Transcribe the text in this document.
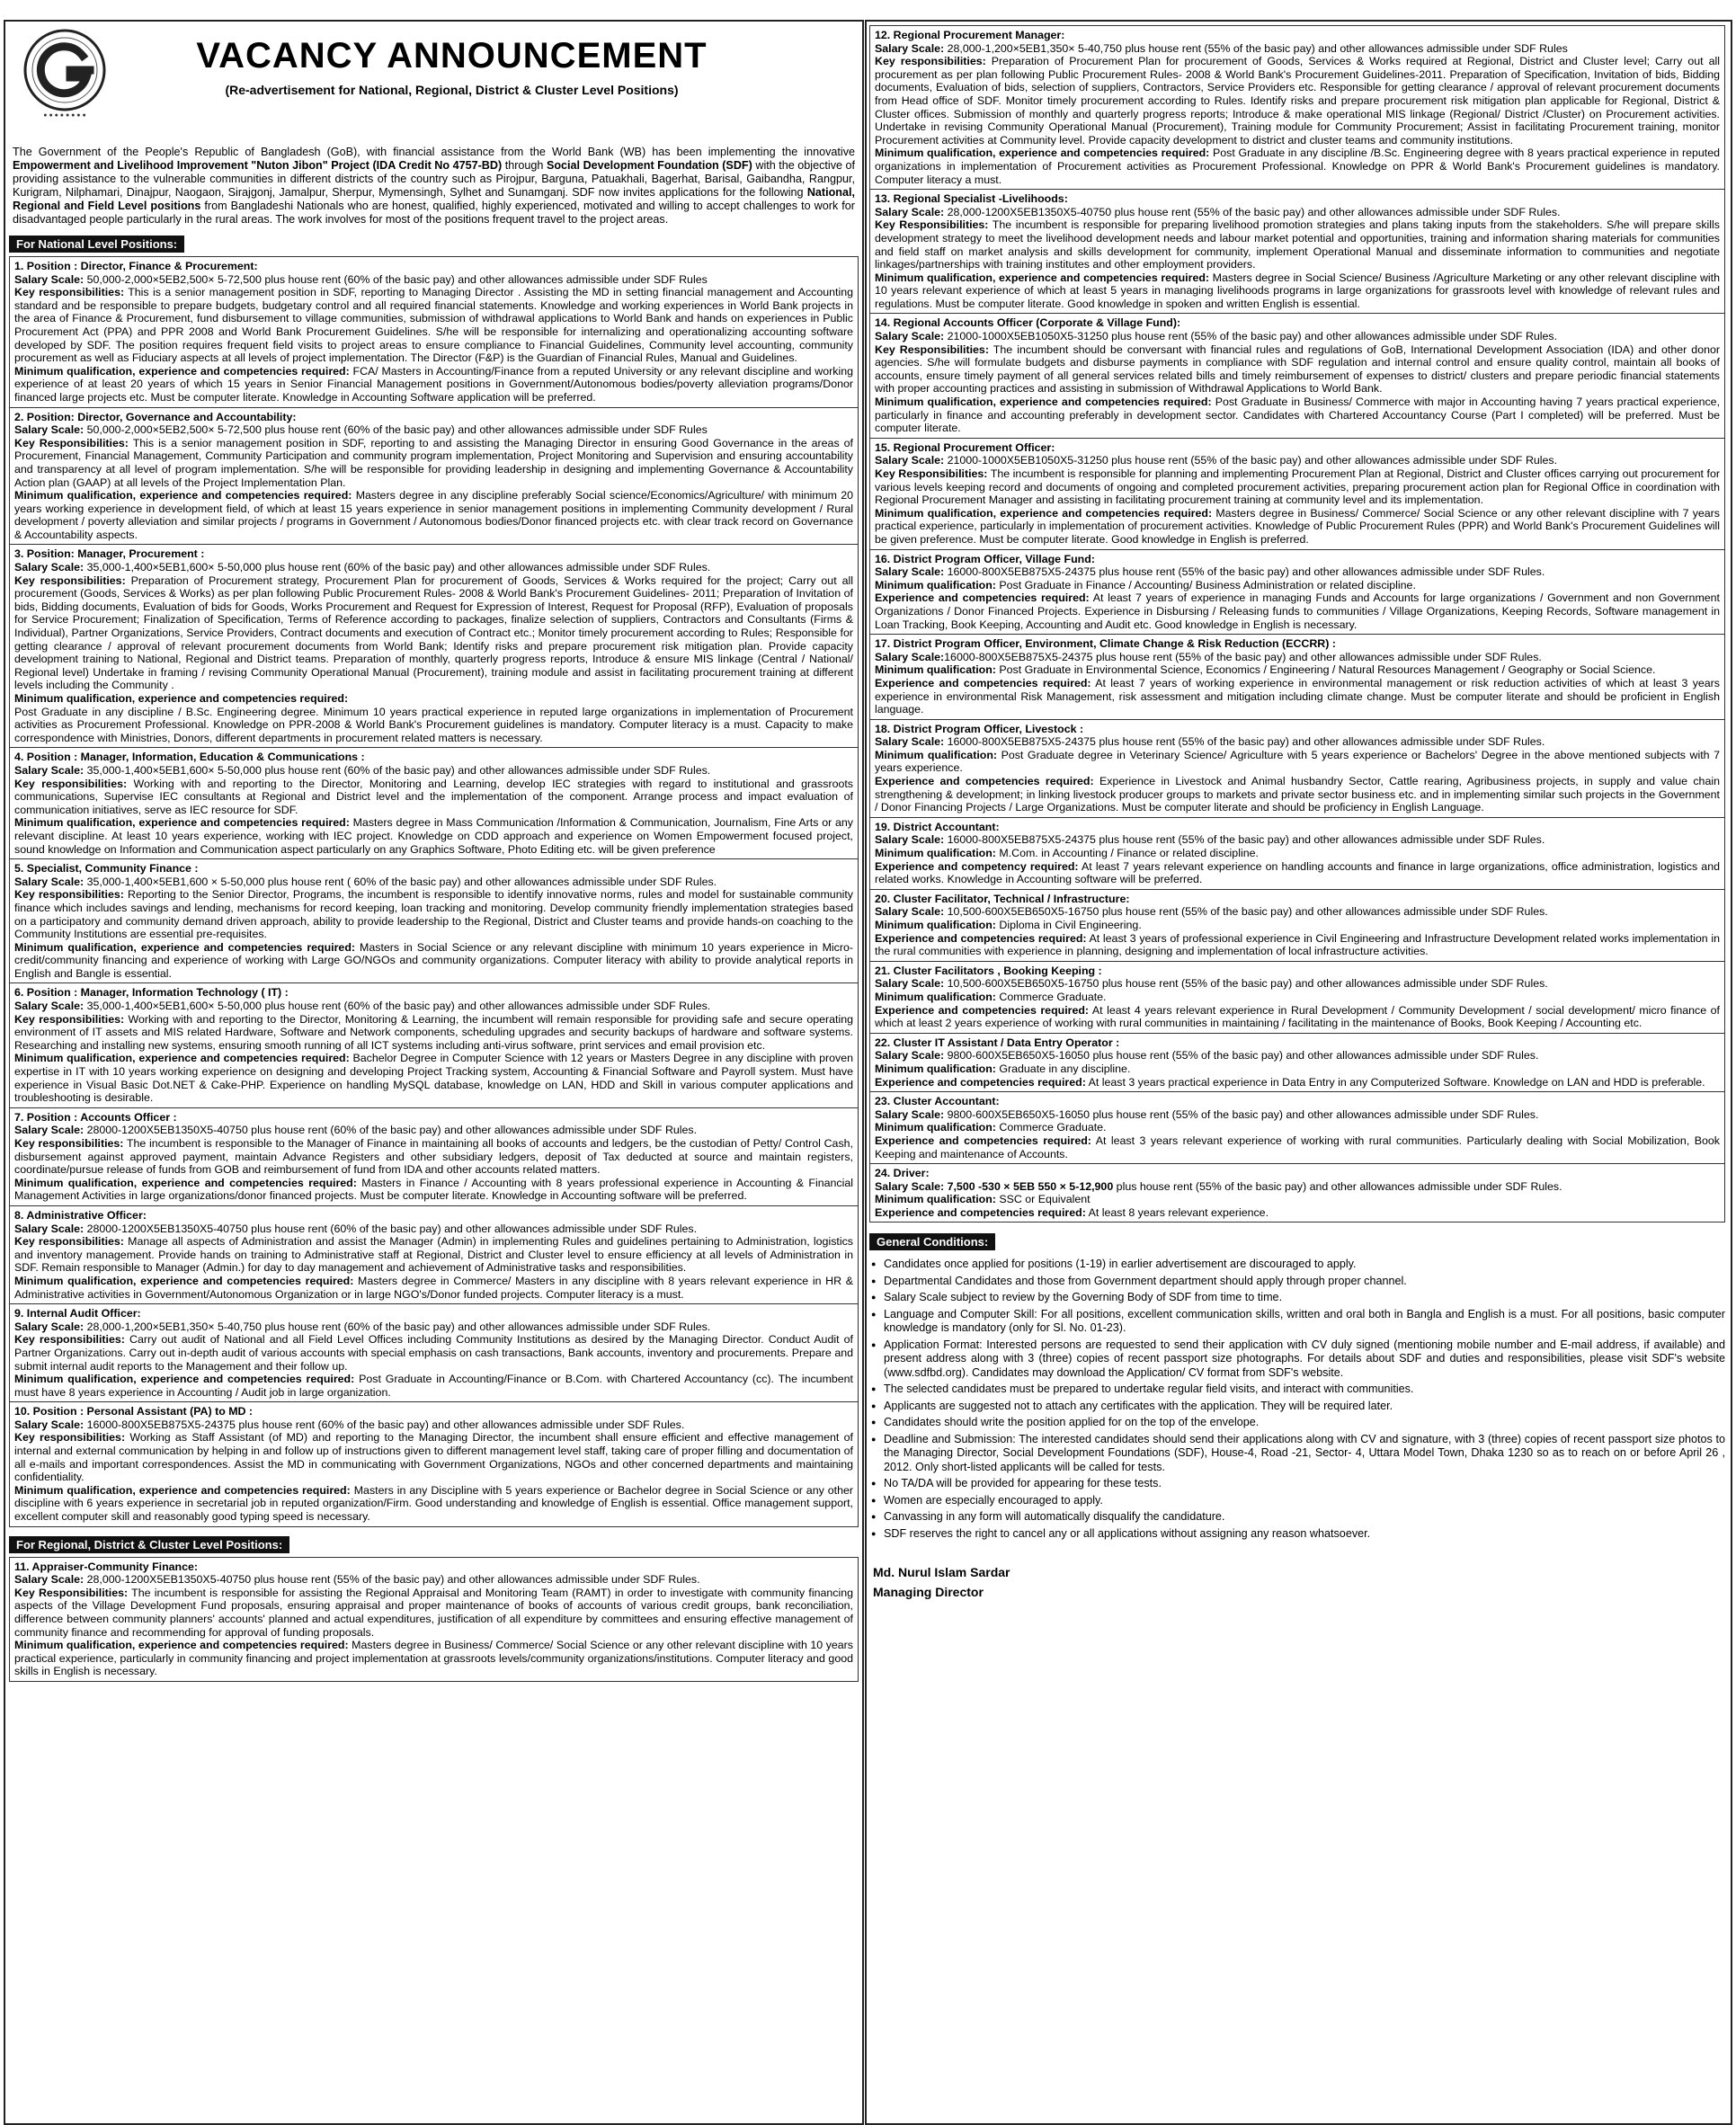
● ● ● ● ● ● ● ●
VACANCY ANNOUNCEMENT
(Re-advertisement for National, Regional, District & Cluster Level Positions)
The Government of the People's Republic of Bangladesh (GoB), with financial assistance from the World Bank (WB) has been implementing the innovative Empowerment and Livelihood Improvement "Nuton Jibon" Project (IDA Credit No 4757-BD) through Social Development Foundation (SDF) with the objective of providing assistance to the vulnerable communities in different districts of the country such as Pirojpur, Barguna, Patuakhali, Bagerhat, Barisal, Gaibandha, Rangpur, Kurigram, Nilphamari, Dinajpur, Naogaon, Sirajgonj, Jamalpur, Sherpur, Mymensingh, Sylhet and Sunamganj. SDF now invites applications for the following National, Regional and Field Level positions from Bangladeshi Nationals who are honest, qualified, highly experienced, motivated and willing to accept challenges to work for disadvantaged people particularly in the rural areas. The work involves for most of the positions frequent travel to the project areas.
For National Level Positions:
1. Position : Director, Finance & Procurement:
Salary Scale: 50,000-2,000×5EB2,500× 5-72,500 plus house rent (60% of the basic pay) and other allowances admissible under SDF Rules
Key responsibilities: This is a senior management position in SDF, reporting to Managing Director . Assisting the MD in setting financial management and Accounting standard and be responsible to prepare budgets, budgetary control and all required financial statements. Knowledge and working experiences in World Bank projects in the area of Finance & Procurement, fund disbursement to village communities, submission of withdrawal applications to World Bank and hands on experiences in Public Procurement Act (PPA) and PPR 2008 and World Bank Procurement Guidelines. S/he will be responsible for internalizing and operationalizing accounting software developed by SDF. The position requires frequent field visits to project areas to ensure compliance to Financial Guidelines, Community level accounting, community procurement as well as Fiduciary aspects at all levels of project implementation. The Director (F&P) is the Guardian of Financial Rules, Manual and Guidelines.
Minimum qualification, experience and competencies required: FCA/ Masters in Accounting/Finance from a reputed University or any relevant discipline and working experience of at least 20 years of which 15 years in Senior Financial Management positions in Government/Autonomous bodies/poverty alleviation programs/Donor financed large projects etc. Must be computer literate. Knowledge in Accounting Software application will be preferred.
2. Position: Director, Governance and Accountability:
Salary Scale: 50,000-2,000×5EB2,500× 5-72,500 plus house rent (60% of the basic pay) and other allowances admissible under SDF Rules
Key Responsibilities: This is a senior management position in SDF, reporting to and assisting the Managing Director in ensuring Good Governance in the areas of Procurement, Financial Management, Community Participation and community program implementation, Project Monitoring and Supervision and ensuring accountability and transparency at all level of program implementation. S/he will be responsible for providing leadership in designing and implementing Governance & Accountability Action plan (GAAP) at all levels of the Project Implementation Plan.
Minimum qualification, experience and competencies required: Masters degree in any discipline preferably Social science/Economics/Agriculture/ with minimum 20 years working experience in development field, of which at least 15 years experience in senior management positions in implementing Community development / Rural development / poverty alleviation and similar projects / programs in Government / Autonomous bodies/Donor financed projects etc. with clear track record on Governance & Accountability aspects.
3. Position: Manager, Procurement :
Salary Scale: 35,000-1,400×5EB1,600× 5-50,000 plus house rent (60% of the basic pay) and other allowances admissible under SDF Rules.
Key responsibilities: Preparation of Procurement strategy, Procurement Plan for procurement of Goods, Services & Works required for the project; Carry out all procurement (Goods, Services & Works) as per plan following Public Procurement Rules- 2008 & World Bank's Procurement Guidelines- 2011; Preparation of Invitation of bids, Bidding documents, Evaluation of bids for Goods, Works Procurement and Request for Expression of Interest, Request for Proposal (RFP), Evaluation of proposals for Service Procurement; Finalization of Specification, Terms of Reference according to packages, finalize selection of suppliers, Contractors and Consultants (Firms & Individual), Partner Organizations, Service Providers, Contract documents and execution of Contract etc.; Monitor timely procurement according to Rules; Responsible for getting clearance / approval of relevant procurement documents from World Bank; Identify risks and prepare procurement risk mitigation plan. Provide capacity development training to National, Regional and District teams. Preparation of monthly, quarterly progress reports, Introduce & ensure MIS linkage (Central / National/ Regional level) Undertake in framing / revising Community Operational Manual (Procurement), training module and assist in facilitating procurement training at different levels including the Community .
Minimum qualification, experience and competencies required:
Post Graduate in any discipline / B.Sc. Engineering degree. Minimum 10 years practical experience in reputed large organizations in implementation of Procurement activities as Procurement Professional. Knowledge on PPR-2008 & World Bank's Procurement guidelines is mandatory. Computer literacy is a must. Capacity to make correspondence with Ministries, Donors, different departments in procurement related matters is necessary.
4. Position : Manager, Information, Education & Communications :
Salary Scale: 35,000-1,400×5EB1,600× 5-50,000 plus house rent (60% of the basic pay) and other allowances admissible under SDF Rules.
Key responsibilities: Working with and reporting to the Director, Monitoring and Learning, develop IEC strategies with regard to institutional and grassroots communications, Supervise IEC consultants at Regional and District level and the implementation of the component. Arrange process and impact evaluation of communication initiatives, serve as IEC resource for SDF.
Minimum qualification, experience and competencies required: Masters degree in Mass Communication /Information & Communication, Journalism, Fine Arts or any relevant discipline. At least 10 years experience, working with IEC project. Knowledge on CDD approach and experience on Women Empowerment focused project, sound knowledge on Information and Communication aspect particularly on any Graphics Software, Photo Editing etc. will be given preference
5. Specialist, Community Finance :
Salary Scale: 35,000-1,400×5EB1,600 × 5-50,000 plus house rent ( 60% of the basic pay) and other allowances admissible under SDF Rules.
Key responsibilities: Reporting to the Senior Director, Programs, the incumbent is responsible to identify innovative norms, rules and model for sustainable community finance which includes savings and lending, mechanisms for record keeping, loan tracking and monitoring. Develop community friendly implementation strategies based on a participatory and community demand driven approach, ability to provide leadership to the Regional, District and Cluster teams and provide hands-on coaching to the Community Institutions are essential pre-requisites.
Minimum qualification, experience and competencies required: Masters in Social Science or any relevant discipline with minimum 10 years experience in Micro- credit/community financing and experience of working with Large GO/NGOs and community organizations. Computer literacy with ability to provide analytical reports in English and Bangle is essential.
6. Position : Manager, Information Technology ( IT) :
Salary Scale: 35,000-1,400×5EB1,600× 5-50,000 plus house rent (60% of the basic pay) and other allowances admissible under SDF Rules.
Key responsibilities: Working with and reporting to the Director, Monitoring & Learning, the incumbent will remain responsible for providing safe and secure operating environment of IT assets and MIS related Hardware, Software and Network components, scheduling upgrades and security backups of hardware and software systems. Researching and installing new systems, ensuring smooth running of all ICT systems including anti-virus software, print services and email provision etc.
Minimum qualification, experience and competencies required: Bachelor Degree in Computer Science with 12 years or Masters Degree in any discipline with proven expertise in IT with 10 years working experience on designing and developing Project Tracking system, Accounting & Financial Software and Payroll system. Must have experience in Visual Basic Dot.NET & Cake-PHP. Experience on handling MySQL database, knowledge on LAN, HDD and Skill in various computer applications and troubleshooting is desirable.
7. Position : Accounts Officer :
Salary Scale: 28000-1200X5EB1350X5-40750 plus house rent (60% of the basic pay) and other allowances admissible under SDF Rules.
Key responsibilities: The incumbent is responsible to the Manager of Finance in maintaining all books of accounts and ledgers, be the custodian of Petty/ Control Cash, disbursement against approved payment, maintain Advance Registers and other subsidiary ledgers, deposit of Tax deducted at source and maintain registers, coordinate/pursue release of funds from GOB and reimbursement of fund from IDA and other accounts related matters.
Minimum qualification, experience and competencies required: Masters in Finance / Accounting with 8 years professional experience in Accounting & Financial Management Activities in large organizations/donor financed projects. Must be computer literate. Knowledge in Accounting software will be preferred.
8. Administrative Officer:
Salary Scale: 28000-1200X5EB1350X5-40750 plus house rent (60% of the basic pay) and other allowances admissible under SDF Rules.
Key responsibilities: Manage all aspects of Administration and assist the Manager (Admin) in implementing Rules and guidelines pertaining to Administration, logistics and inventory management. Provide hands on training to Administrative staff at Regional, District and Cluster level to ensure efficiency at all levels of Administration in SDF. Remain responsible to Manager (Admin.) for day to day management and achievement of Administrative tasks and responsibilities.
Minimum qualification, experience and competencies required: Masters degree in Commerce/ Masters in any discipline with 8 years relevant experience in HR & Administrative activities in Government/Autonomous Organization or in large NGO's/Donor funded projects. Computer literacy is a must.
9. Internal Audit Officer:
Salary Scale: 28,000-1,200×5EB1,350× 5-40,750 plus house rent (60% of the basic pay) and other allowances admissible under SDF Rules.
Key responsibilities: Carry out audit of National and all Field Level Offices including Community Institutions as desired by the Managing Director. Conduct Audit of Partner Organizations. Carry out in-depth audit of various accounts with special emphasis on cash transactions, Bank accounts, inventory and procurements. Prepare and submit internal audit reports to the Management and their follow up.
Minimum qualification, experience and competencies required: Post Graduate in Accounting/Finance or B.Com. with Chartered Accountancy (cc). The incumbent must have 8 years experience in Accounting / Audit job in large organization.
10. Position : Personal Assistant (PA) to MD :
Salary Scale: 16000-800X5EB875X5-24375 plus house rent (60% of the basic pay) and other allowances admissible under SDF Rules.
Key responsibilities: Working as Staff Assistant (of MD) and reporting to the Managing Director, the incumbent shall ensure efficient and effective management of internal and external communication by helping in and follow up of instructions given to different management level staff, taking care of proper filling and documentation of all e-mails and important correspondences. Assist the MD in communicating with Government Organizations, NGOs and other concerned departments and maintaining confidentiality.
Minimum qualification, experience and competencies required: Masters in any Discipline with 5 years experience or Bachelor degree in Social Science or any other discipline with 6 years experience in secretarial job in reputed organization/Firm. Good understanding and knowledge of English is essential. Office management support, excellent computer skill and reasonably good typing speed is necessary.
For Regional, District & Cluster Level Positions:
11. Appraiser-Community Finance:
Salary Scale: 28,000-1200X5EB1350X5-40750 plus house rent (55% of the basic pay) and other allowances admissible under SDF Rules.
Key Responsibilities: The incumbent is responsible for assisting the Regional Appraisal and Monitoring Team (RAMT) in order to investigate with community financing aspects of the Village Development Fund proposals, ensuring appraisal and proper maintenance of books of accounts of various credit groups, bank reconciliation, difference between community planners' accounts' planned and actual expenditures, justification of all expenditure by committees and ensuring effective management of community finance and recommending for approval of funding proposals.
Minimum qualification, experience and competencies required: Masters degree in Business/ Commerce/ Social Science or any other relevant discipline with 10 years practical experience, particularly in community financing and project implementation at grassroots levels/community organizations/institutions. Computer literacy and good skills in English is necessary.
12. Regional Procurement Manager:
Salary Scale: 28,000-1,200×5EB1,350× 5-40,750 plus house rent (55% of the basic pay) and other allowances admissible under SDF Rules
Key responsibilities: Preparation of Procurement Plan for procurement of Goods, Services & Works required at Regional, District and Cluster level; Carry out all procurement as per plan following Public Procurement Rules- 2008 & World Bank's Procurement Guidelines-2011. Preparation of Specification, Invitation of bids, Bidding documents, Evaluation of bids, selection of suppliers, Contractors, Service Providers etc. Responsible for getting clearance / approval of relevant procurement documents from Head office of SDF. Monitor timely procurement according to Rules. Identify risks and prepare procurement risk mitigation plan applicable for Regional, District & Cluster offices. Submission of monthly and quarterly progress reports; Introduce & make operational MIS linkage (Regional/ District /Cluster) on Procurement activities. Undertake in revising Community Operational Manual (Procurement), Training module for Community Procurement; Assist in facilitating Procurement training, monitor Procurement activities at Community level. Provide capacity development to district and cluster teams and community institutions.
Minimum qualification, experience and competencies required: Post Graduate in any discipline /B.Sc. Engineering degree with 8 years practical experience in reputed organizations in implementation of Procurement activities as Procurement Professional. Knowledge on PPR & World Bank's Procurement guidelines is mandatory. Computer literacy a must.
13. Regional Specialist -Livelihoods:
Salary Scale: 28,000-1200X5EB1350X5-40750 plus house rent (55% of the basic pay) and other allowances admissible under SDF Rules.
Key Responsibilities: The incumbent is responsible for preparing livelihood promotion strategies and plans taking inputs from the stakeholders. S/he will prepare skills development strategy to meet the livelihood development needs and labour market potential and opportunities, training and information sharing materials for communities and field staff on market analysis and skills development for community, implement Operational Manual and disseminate information to communities and negotiate linkages/partnerships with training institutes and other employment providers.
Minimum qualification, experience and competencies required: Masters degree in Social Science/ Business /Agriculture Marketing or any other relevant discipline with 10 years relevant experience of which at least 5 years in managing livelihoods programs in large organizations for grassroots level with knowledge of relevant rules and regulations. Must be computer literate. Good knowledge in spoken and written English is essential.
14. Regional Accounts Officer (Corporate & Village Fund):
Salary Scale: 21000-1000X5EB1050X5-31250 plus house rent (55% of the basic pay) and other allowances admissible under SDF Rules.
Key Responsibilities: The incumbent should be conversant with financial rules and regulations of GoB, International Development Association (IDA) and other donor agencies. S/he will formulate budgets and disburse payments in compliance with SDF regulation and internal control and ensure quality control, maintain all books of accounts, ensure timely payment of all general services related bills and timely reimbursement of expenses to district/ clusters and prepare periodic financial statements with proper accounting practices and assisting in submission of Withdrawal Applications to World Bank.
Minimum qualification, experience and competencies required: Post Graduate in Business/ Commerce with major in Accounting having 7 years practical experience, particularly in finance and accounting preferably in development sector. Candidates with Chartered Accountancy Course (Part I completed) will be preferred. Must be computer literate.
15. Regional Procurement Officer:
Salary Scale: 21000-1000X5EB1050X5-31250 plus house rent (55% of the basic pay) and other allowances admissible under SDF Rules.
Key Responsibilities: The incumbent is responsible for planning and implementing Procurement Plan at Regional, District and Cluster offices carrying out procurement for various levels keeping record and documents of ongoing and completed procurement activities, preparing procurement action plan for Regional Office in coordination with Regional Procurement Manager and assisting in facilitating procurement training at community level and its implementation.
Minimum qualification, experience and competencies required: Masters degree in Business/ Commerce/ Social Science or any other relevant discipline with 7 years practical experience, particularly in implementation of procurement activities. Knowledge of Public Procurement Rules (PPR) and World Bank's Procurement Guidelines will be given preference. Must be computer literate. Good knowledge in English is preferred.
16. District Program Officer, Village Fund:
Salary Scale: 16000-800X5EB875X5-24375 plus house rent (55% of the basic pay) and other allowances admissible under SDF Rules.
Minimum qualification: Post Graduate in Finance / Accounting/ Business Administration or related discipline.
Experience and competencies required: At least 7 years of experience in managing Funds and Accounts for large organizations / Government and non Government Organizations / Donor Financed Projects. Experience in Disbursing / Releasing funds to communities / Village Organizations, Keeping Records, Software management in Loan Tracking, Book Keeping, Accounting and Audit etc. Good knowledge in English is necessary.
17. District Program Officer, Environment, Climate Change & Risk Reduction (ECCRR) :
Salary Scale:16000-800X5EB875X5-24375 plus house rent (55% of the basic pay) and other allowances admissible under SDF Rules.
Minimum qualification: Post Graduate in Environmental Science, Economics / Engineering / Natural Resources Management / Geography or Social Science.
Experience and competencies required: At least 7 years of working experience in environmental management or risk reduction activities of which at least 3 years experience in environmental Risk Management, risk assessment and mitigation including climate change. Must be computer literate and should be proficient in English language.
18. District Program Officer, Livestock :
Salary Scale: 16000-800X5EB875X5-24375 plus house rent (55% of the basic pay) and other allowances admissible under SDF Rules.
Minimum qualification: Post Graduate degree in Veterinary Science/ Agriculture with 5 years experience or Bachelors' Degree in the above mentioned subjects with 7 years experience.
Experience and competencies required: Experience in Livestock and Animal husbandry Sector, Cattle rearing, Agribusiness projects, in supply and value chain strengthening & development; in linking livestock producer groups to markets and private sector business etc. and in implementing similar such projects in the Government / Donor Financing Projects / Large Organizations. Must be computer literate and should be proficiency in English Language.
19. District Accountant:
Salary Scale: 16000-800X5EB875X5-24375 plus house rent (55% of the basic pay) and other allowances admissible under SDF Rules.
Minimum qualification: M.Com. in Accounting / Finance or related discipline.
Experience and competency required: At least 7 years relevant experience on handling accounts and finance in large organizations, office administration, logistics and related works. Knowledge in Accounting software will be preferred.
20. Cluster Facilitator, Technical / Infrastructure:
Salary Scale: 10,500-600X5EB650X5-16750 plus house rent (55% of the basic pay) and other allowances admissible under SDF Rules.
Minimum qualification: Diploma in Civil Engineering.
Experience and competencies required: At least 3 years of professional experience in Civil Engineering and Infrastructure Development related works implementation in the rural communities with experience in planning, designing and implementation of local infrastructure activities.
21. Cluster Facilitators , Booking Keeping :
Salary Scale: 10,500-600X5EB650X5-16750 plus house rent (55% of the basic pay) and other allowances admissible under SDF Rules.
Minimum qualification: Commerce Graduate.
Experience and competencies required: At least 4 years relevant experience in Rural Development / Community Development / social development/ micro finance of which at least 2 years experience of working with rural communities in maintaining / facilitating in the maintenance of Books, Book Keeping / Accounting etc.
22. Cluster IT Assistant / Data Entry Operator :
Salary Scale: 9800-600X5EB650X5-16050 plus house rent (55% of the basic pay) and other allowances admissible under SDF Rules.
Minimum qualification: Graduate in any discipline.
Experience and competencies required: At least 3 years practical experience in Data Entry in any Computerized Software. Knowledge on LAN and HDD is preferable.
23. Cluster Accountant:
Salary Scale: 9800-600X5EB650X5-16050 plus house rent (55% of the basic pay) and other allowances admissible under SDF Rules.
Minimum qualification: Commerce Graduate.
Experience and competencies required: At least 3 years relevant experience of working with rural communities. Particularly dealing with Social Mobilization, Book Keeping and maintenance of Accounts.
24. Driver:
Salary Scale: 7,500 -530 × 5EB 550 × 5-12,900 plus house rent (55% of the basic pay) and other allowances admissible under SDF Rules.
Minimum qualification: SSC or Equivalent
Experience and competencies required: At least 8 years relevant experience.
General Conditions:
● Candidates once applied for positions (1-19) in earlier advertisement are discouraged to apply.
● Departmental Candidates and those from Government department should apply through proper channel.
● Salary Scale subject to review by the Governing Body of SDF from time to time.
● Language and Computer Skill: For all positions, excellent communication skills, written and oral both in Bangla and English is a must. For all positions, basic computer knowledge is mandatory (only for Sl. No. 01-23).
● Application Format: Interested persons are requested to send their application with CV duly signed (mentioning mobile number and E-mail address, if available) and present address along with 3 (three) copies of recent passport size photographs. For details about SDF and duties and responsibilities, please visit SDF's website (www.sdfbd.org). Candidates may download the Application/ CV format from SDF's website.
● The selected candidates must be prepared to undertake regular field visits, and interact with communities.
● Applicants are suggested not to attach any certificates with the application. They will be required later.
● Candidates should write the position applied for on the top of the envelope.
● Deadline and Submission: The interested candidates should send their applications along with CV and signature, with 3 (three) copies of recent passport size photos to the Managing Director, Social Development Foundations (SDF), House-4, Road -21, Sector- 4, Uttara Model Town, Dhaka 1230 so as to reach on or before April 26 , 2012. Only short-listed applicants will be called for tests.
● No TA/DA will be provided for appearing for these tests.
● Women are especially encouraged to apply.
● Canvassing in any form will automatically disqualify the candidature.
● SDF reserves the right to cancel any or all applications without assigning any reason whatsoever.
Md. Nurul Islam Sardar
Managing Director
